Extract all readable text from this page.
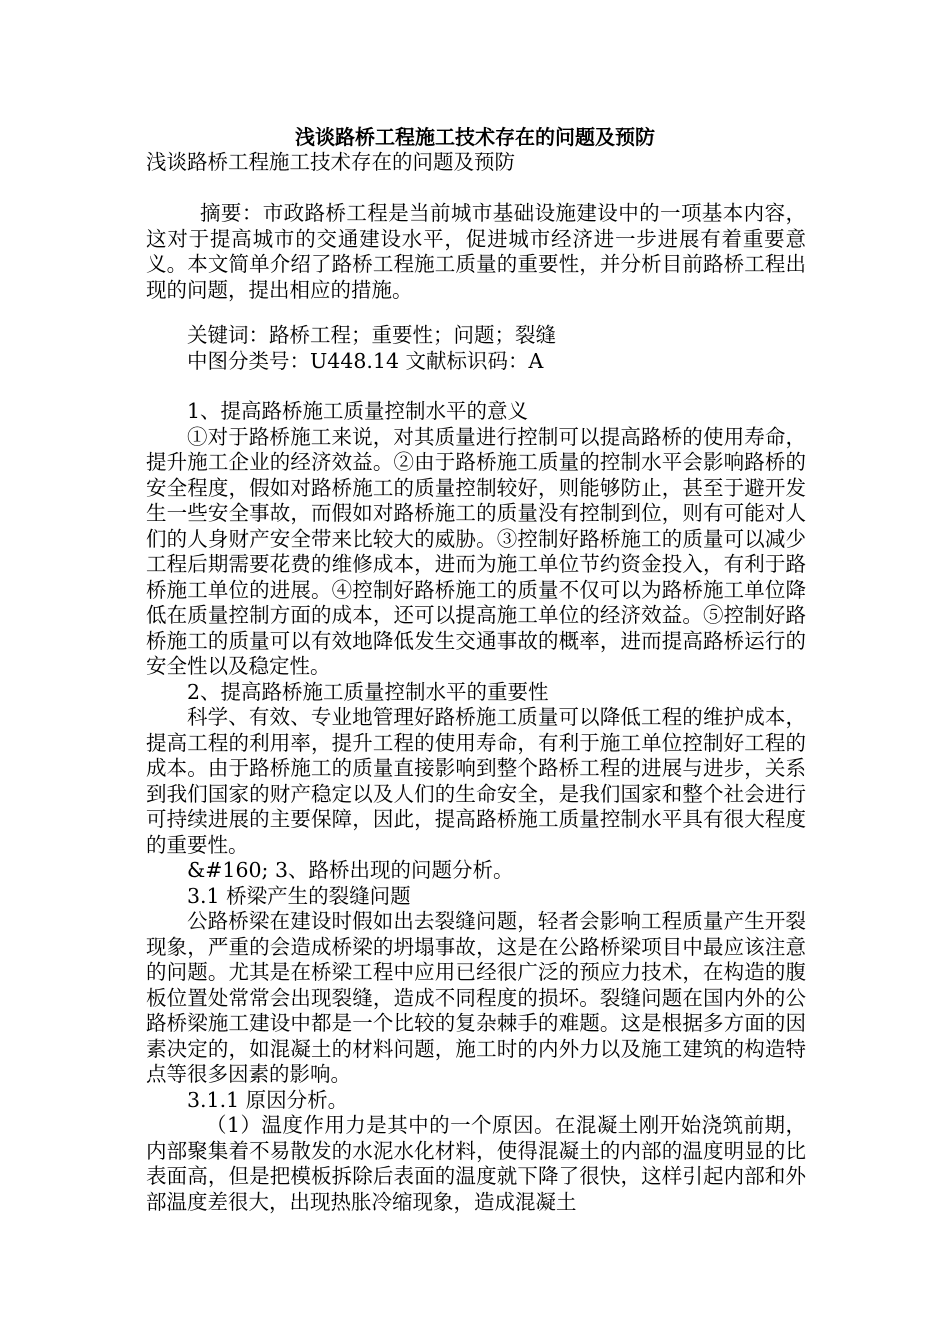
浅谈路桥工程施工技术存在的问题及预防

浅谈路桥工程施工技术存在的问题及预防

摘要：市政路桥工程是当前城市基础设施建设中的一项基本内容，这对于提高城市的交通建设水平，促进城市经济进一步进展有着重要意义。本文简单介绍了路桥工程施工质量的重要性，并分析目前路桥工程出现的问题，提出相应的措施。

关键词：路桥工程；重要性；问题；裂缝

中图分类号：U448.14 文献标识码：A

1、提高路桥施工质量控制水平的意义

①对于路桥施工来说，对其质量进行控制可以提高路桥的使用寿命，提升施工企业的经济效益。②由于路桥施工质量的控制水平会影响路桥的安全程度，假如对路桥施工的质量控制较好，则能够防止，甚至于避开发生一些安全事故，而假如对路桥施工的质量没有控制到位，则有可能对人们的人身财产安全带来比较大的威胁。③控制好路桥施工的质量可以减少工程后期需要花费的维修成本，进而为施工单位节约资金投入，有利于路桥施工单位的进展。④控制好路桥施工的质量不仅可以为路桥施工单位降低在质量控制方面的成本，还可以提高施工单位的经济效益。⑤控制好路桥施工的质量可以有效地降低发生交通事故的概率，进而提高路桥运行的安全性以及稳定性。

2、提高路桥施工质量控制水平的重要性

科学、有效、专业地管理好路桥施工质量可以降低工程的维护成本，提高工程的利用率，提升工程的使用寿命，有利于施工单位控制好工程的成本。由于路桥施工的质量直接影响到整个路桥工程的进展与进步，关系到我们国家的财产稳定以及人们的生命安全，是我们国家和整个社会进行可持续进展的主要保障，因此，提高路桥施工质量控制水平具有很大程度的重要性。

&#160; 3、路桥出现的问题分析。

3.1 桥梁产生的裂缝问题

公路桥梁在建设时假如出去裂缝问题，轻者会影响工程质量产生开裂现象，严重的会造成桥梁的坍塌事故，这是在公路桥梁项目中最应该注意的问题。尤其是在桥梁工程中应用已经很广泛的预应力技术，在构造的腹板位置处常常会出现裂缝，造成不同程度的损坏。裂缝问题在国内外的公路桥梁施工建设中都是一个比较的复杂棘手的难题。这是根据多方面的因素决定的，如混凝土的材料问题，施工时的内外力以及施工建筑的构造特点等很多因素的影响。

3.1.1 原因分析。

（1）温度作用力是其中的一个原因。在混凝土刚开始浇筑前期，内部聚集着不易散发的水泥水化材料，使得混凝土的内部的温度明显的比表面高，但是把模板拆除后表面的温度就下降了很快，这样引起内部和外部温度差很大，出现热胀冷缩现象，造成混凝土
